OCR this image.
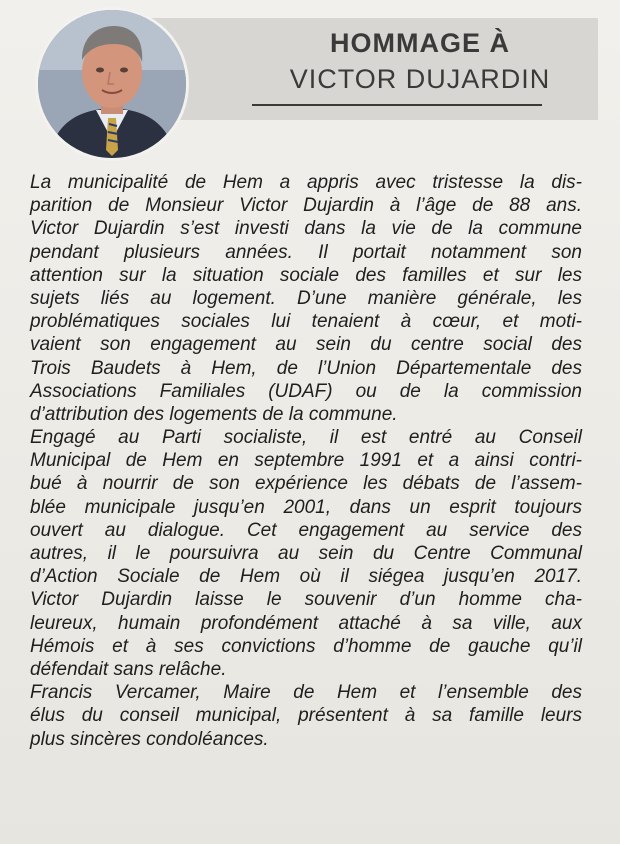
HOMMAGE À
VICTOR DUJARDIN
La municipalité de Hem a appris avec tristesse la dis-
parition de Monsieur Victor Dujardin à l’âge de 88 ans.
Victor Dujardin s’est investi dans la vie de la commune
pendant plusieurs années. Il portait notamment son
attention sur la situation sociale des familles et sur les
sujets liés au logement. D’une manière générale, les
problématiques sociales lui tenaient à cœur, et moti-
vaient son engagement au sein du centre social des
Trois Baudets à Hem, de l’Union Départementale des
Associations Familiales (UDAF) ou de la commission
d’attribution des logements de la commune.
Engagé au Parti socialiste, il est entré au Conseil
Municipal de Hem en septembre 1991 et a ainsi contri-
bué à nourrir de son expérience les débats de l’assem-
blée municipale jusqu’en 2001, dans un esprit toujours
ouvert au dialogue. Cet engagement au service des
autres, il le poursuivra au sein du Centre Communal
d’Action Sociale de Hem où il siégea jusqu’en 2017.
Victor Dujardin laisse le souvenir d’un homme cha-
leureux, humain profondément attaché à sa ville, aux
Hémois et à ses convictions d’homme de gauche qu’il
défendait sans relâche.
Francis Vercamer, Maire de Hem et l’ensemble des
élus du conseil municipal, présentent à sa famille leurs
plus sincères condoléances.
